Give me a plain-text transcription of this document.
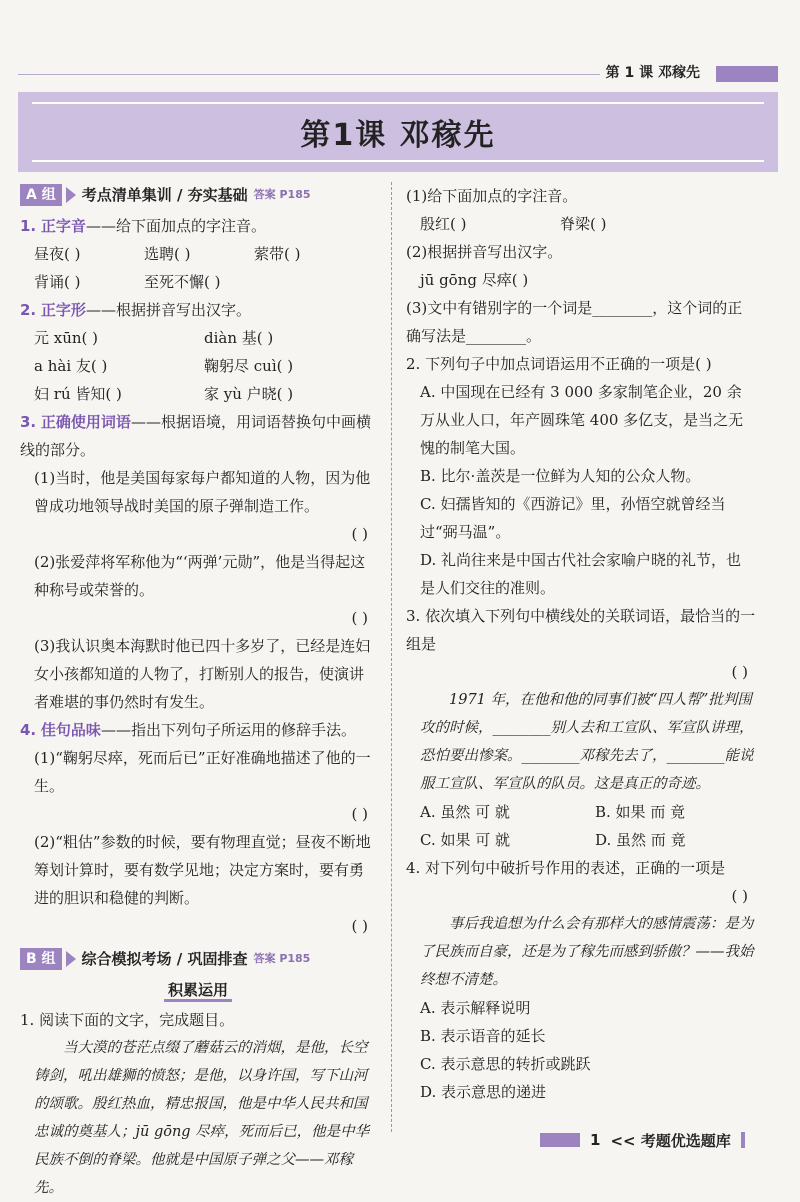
第 1 课 邓稼先
第1课 邓稼先
A 组	考点清单集训 / 夯实基础 答案 P185

1. 正字音——给下面加点的字注音。

昼夜( )	选聘( )	萦带( )
背诵( )	至死不懈( )

2. 正字形——根据拼音写出汉字。

元 xūn( )	diàn 基( )
a hài 友( )	鞠躬尽 cuì( )
妇 rú 皆知( )	家 yù 户晓( )

3. 正确使用词语——根据语境，用词语替换句中画横线的部分。

(1)当时，他是美国每家每户都知道的人物，因为他曾成功地领导战时美国的原子弹制造工作。

( )

(2)张爱萍将军称他为“‘两弹’元勋”，他是当得起这种称号或荣誉的。

( )

(3)我认识奥本海默时他已四十多岁了，已经是连妇女小孩都知道的人物了，打断别人的报告，使演讲者难堪的事仍然时有发生。

4. 佳句品味——指出下列句子所运用的修辞手法。

(1)“鞠躬尽瘁，死而后已”正好准确地描述了他的一生。

( )

(2)“粗估”参数的时候，要有物理直觉；昼夜不断地筹划计算时，要有数学见地；决定方案时，要有勇进的胆识和稳健的判断。

( )
B 组	综合模拟考场 / 巩固排查 答案 P185
积累运用

1. 阅读下面的文字，完成题目。

当大漠的苍茫点缀了蘑菇云的消烟，是他，长空铸剑，吼出雄狮的愤怒；是他，以身许国，写下山河的颂歌。殷红热血，精忠报国，他是中华人民共和国忠诚的奠基人；jū gōng 尽瘁，死而后已，他是中华民族不倒的脊梁。他就是中国原子弹之父——邓稼先。

(1)给下面加点的字注音。

殷红( )	脊梁( )

(2)根据拼音写出汉字。

jū gōng 尽瘁( )

(3)文中有错别字的一个词是________，这个词的正确写法是________。

2. 下列句子中加点词语运用不正确的一项是( )

A. 中国现在已经有 3 000 多家制笔企业，20 余万从业人口，年产圆珠笔 400 多亿支，是当之无愧的制笔大国。

B. 比尔·盖茨是一位鲜为人知的公众人物。

C. 妇孺皆知的《西游记》里，孙悟空就曾经当过“弼马温”。

D. 礼尚往来是中国古代社会家喻户晓的礼节，也是人们交往的准则。

3. 依次填入下列句中横线处的关联词语，最恰当的一组是

( )

1971 年，在他和他的同事们被“四人帮”批判围攻的时候，________别人去和工宣队、军宣队讲理，恐怕要出惨案。________邓稼先去了，________能说服工宣队、军宣队的队员。这是真正的奇迹。

A. 虽然 可 就	B. 如果 而 竟
C. 如果 可 就	D. 虽然 而 竟

4. 对下列句中破折号作用的表述，正确的一项是

( )

事后我追想为什么会有那样大的感情震荡：是为了民族而自豪，还是为了稼先而感到骄傲？——我始终想不清楚。

A. 表示解释说明

B. 表示语音的延长

C. 表示意思的转折或跳跃

D. 表示意思的递进

1 << 考题优选题库
